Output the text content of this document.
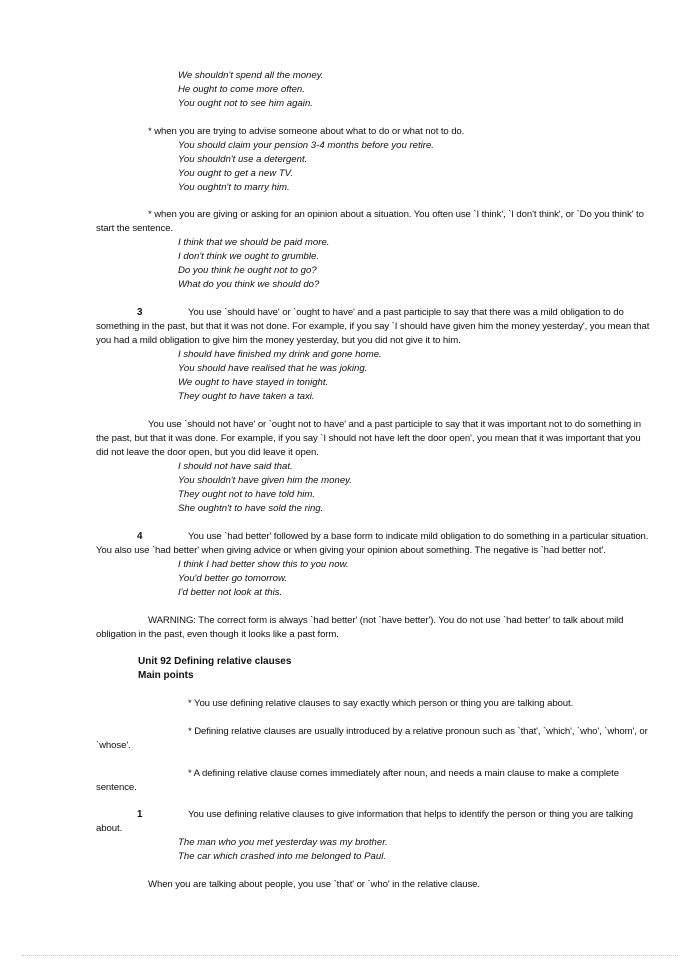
We shouldn't spend all the money.
He ought to come more often.
You ought not to see him again.
* when you are trying to advise someone about what to do or what not to do.
You should claim your pension 3-4 months before you retire.
You shouldn't use a detergent.
You ought to get a new TV.
You oughtn't to marry him.
* when you are giving or asking for an opinion about a situation. You often use `I think', `I don't think', or `Do you think' to
start the sentence.
I think that we should be paid more.
I don't think we ought to grumble.
Do you think he ought not to go?
What do you think we should do?
3	You use `should have' or `ought to have' and a past participle to say that there was a mild obligation to do
something in the past, but that it was not done. For example, if you say `I should have given him the money yesterday', you mean that
you had a mild obligation to give him the money yesterday, but you did not give it to him.
I should have finished my drink and gone home.
You should have realised that he was joking.
We ought to have stayed in tonight.
They ought to have taken a taxi.
You use `should not have' or `ought not to have' and a past participle to say that it was important not to do something in
the past, but that it was done. For example, if you say `I should not have left the door open', you mean that it was important that you
did not leave the door open, but you did leave it open.
I should not have said that.
You shouldn't have given him the money.
They ought not to have told him.
She oughtn't to have sold the ring.
4	You use `had better' followed by a base form to indicate mild obligation to do something in a particular situation.
You also use `had better' when giving advice or when giving your opinion about something. The negative is `had better not'.
I think I had better show this to you now.
You'd better go tomorrow.
I'd better not look at this.
WARNING: The correct form is always `had better' (not `have better'). You do not use `had better' to talk about mild
obligation in the past, even though it looks like a past form.
Unit 92 Defining relative clauses
Main points
* You use defining relative clauses to say exactly which person or thing you are talking about.
* Defining relative clauses are usually introduced by a relative pronoun such as `that', `which', `who', `whom', or
`whose'.
* A defining relative clause comes immediately after noun, and needs a main clause to make a complete
sentence.
1	You use defining relative clauses to give information that helps to identify the person or thing you are talking
about.
The man who you met yesterday was my brother.
The car which crashed into me belonged to Paul.
When you are talking about people, you use `that' or `who' in the relative clause.
